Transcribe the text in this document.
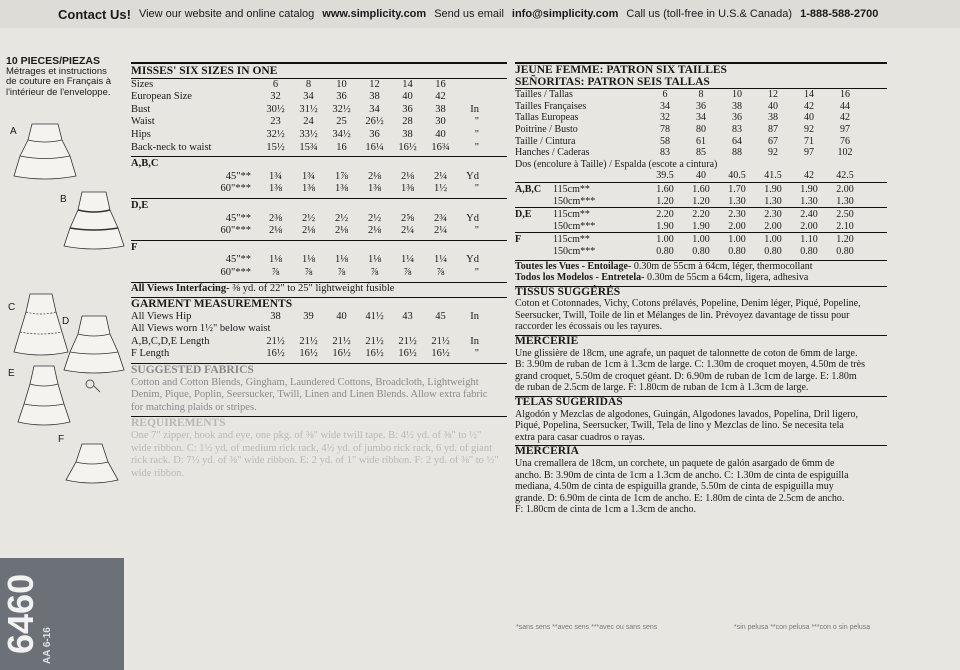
Contact Us! View our website and online catalog www.simplicity.com Send us email info@simplicity.com Call us (toll-free in U.S.& Canada) 1-888-588-2700
10 PIECES/PIEZAS
Métrages et instructions
de couture en Français à
l'intérieur de l'enveloppe.
A
B
C
D
E
F
6460 AA 6-16
MISSES' SIX SIZES IN ONE
Sizes	6	8	10	12	14	16
European Size	32	34	36	38	40	42
Bust	30½	31½	32½	34	36	38	In
Waist	23	24	25	26½	28	30	"
Hips	32½	33½	34½	36	38	40	"
Back-neck to waist	15½	15¾	16	16¼	16½	16¾	"
A,B,C
45"**	1¾	1¾	1⅞	2⅛	2⅛	2¼	Yd
60"***	1⅜	1⅜	1⅜	1⅜	1⅜	1½	"
D,E
45"**	2⅜	2½	2½	2½	2⅝	2¾	Yd
60"***	2⅛	2⅛	2⅛	2⅛	2¼	2¼	"
F
45"**	1⅛	1⅛	1⅛	1⅛	1¼	1¼	Yd
60"***	⅞	⅞	⅞	⅞	⅞	⅞	"
All Views Interfacing- ⅜ yd. of 22" to 25" lightweight fusible
GARMENT MEASUREMENTS
All Views Hip	38	39	40	41½	43	45	In
All Views worn 1½" below waist
A,B,C,D,E Length	21½	21½	21½	21½	21½	21½	In
F Length	16½	16½	16½	16½	16½	16½	"
SUGGESTED FABRICS
Cotton and Cotton Blends, Gingham, Laundered Cottons, Broadcloth, Lightweight
Denim, Pique, Poplin, Seersucker, Twill, Linen and Linen Blends. Allow extra fabric
for matching plaids or stripes.
REQUIREMENTS
One 7" zipper, hook and eye, one pkg. of ⅜" wide twill tape. B: 4½ yd. of ⅜" to ½"
wide ribbon. C: 1½ yd. of medium rick rack, 4½ yd. of jumbo rick rack, 6 yd. of giant
rick rack. D: 7½ yd. of ⅜" wide ribbon. E: 2 yd. of 1" wide ribbon. F: 2 yd. of ⅜" to ½"
wide ribbon.
JEUNE FEMME: PATRON SIX TAILLES
SEÑORITAS: PATRON SEIS TALLAS
Tailles / Tallas	6	8	10	12	14	16
Tailles Françaises	34	36	38	40	42	44
Tallas Europeas	32	34	36	38	40	42
Poitrine / Busto	78	80	83	87	92	97
Taille / Cintura	58	61	64	67	71	76
Hanches / Caderas	83	85	88	92	97	102
Dos (encolure à Taille) / Espalda (escote a cintura)
39.5	40	40.5	41.5	42	42.5
A,B,C	115cm**	1.60	1.60	1.70	1.90	1.90	2.00
150cm***	1.20	1.20	1.30	1.30	1.30	1.30
D,E	115cm**	2.20	2.20	2.30	2.30	2.40	2.50
150cm***	1.90	1.90	2.00	2.00	2.00	2.10
F	115cm**	1.00	1.00	1.00	1.00	1.10	1.20
150cm***	0.80	0.80	0.80	0.80	0.80	0.80
Toutes les Vues - Entoilage- 0.30m de 55cm à 64cm, léger, thermocollant
Todos los Modelos - Entretela- 0.30m de 55cm a 64cm, ligera, adhesiva
TISSUS SUGGÉRÉS
Coton et Cotonnades, Vichy, Cotons prélavés, Popeline, Denim léger, Piqué, Popeline,
Seersucker, Twill, Toile de lin et Mélanges de lin. Prévoyez davantage de tissu pour
raccorder les écossais ou les rayures.
MERCERIE
Une glissière de 18cm, une agrafe, un paquet de talonnette de coton de 6mm de large.
B: 3.90m de ruban de 1cm à 1.3cm de large. C: 1.30m de croquet moyen, 4.50m de très
grand croquet, 5.50m de croquet géant. D: 6.90m de ruban de 1cm de large. E: 1.80m
de ruban de 2.5cm de large. F: 1.80cm de ruban de 1cm à 1.3cm de large.
TELAS SUGERIDAS
Algodón y Mezclas de algodones, Guingán, Algodones lavados, Popelina, Dril ligero,
Piqué, Popelina, Seersucker, Twill, Tela de lino y Mezclas de lino. Se necesita tela
extra para casar cuadros o rayas.
MERCERIA
Una cremallera de 18cm, un corchete, un paquete de galón asargado de 6mm de
ancho. B: 3.90m de cinta de 1cm a 1.3cm de ancho. C: 1.30m de cinta de espiguilla
mediana, 4.50m de cinta de espiguilla grande, 5.50m de cinta de espiguilla muy
grande. D: 6.90m de cinta de 1cm de ancho. E: 1.80m de cinta de 2.5cm de ancho.
F: 1.80cm de cinta de 1cm a 1.3cm de ancho.
*sans sens **avec sens ***avec ou sans sens	*sin pelusa **con pelusa ***con o sin pelusa
